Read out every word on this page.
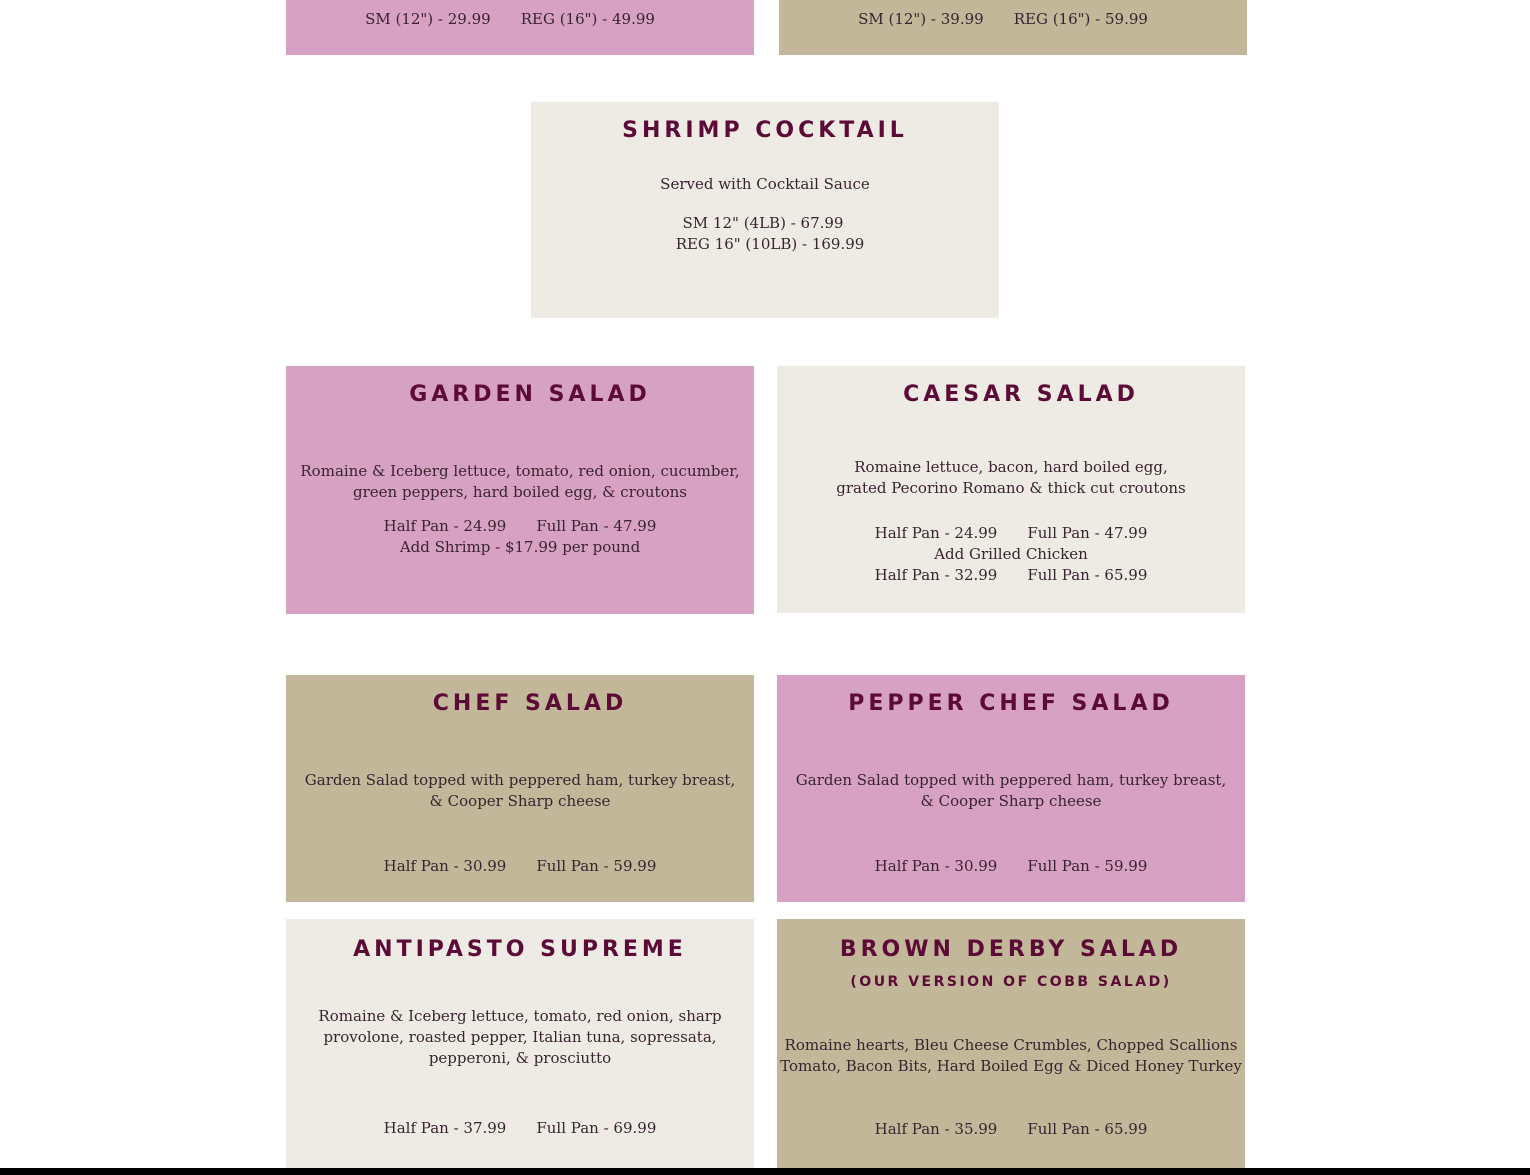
SM (12") - 29.99 REG (16") - 49.99	SM (12") - 39.99 REG (16") - 59.99
SHRIMP COCKTAIL
Served with Cocktail Sauce
SM 12" (4LB) - 67.99
REG 16" (10LB) - 169.99
GARDEN SALAD
Romaine & Iceberg lettuce, tomato, red onion, cucumber,
green peppers, hard boiled egg, & croutons
Half Pan - 24.99 Full Pan - 47.99
Add Shrimp - $17.99 per pound
CAESAR SALAD
Romaine lettuce, bacon, hard boiled egg,
grated Pecorino Romano & thick cut croutons
Half Pan - 24.99 Full Pan - 47.99
Add Grilled Chicken
Half Pan - 32.99 Full Pan - 65.99
CHEF SALAD
Garden Salad topped with peppered ham, turkey breast,
& Cooper Sharp cheese
Half Pan - 30.99 Full Pan - 59.99
PEPPER CHEF SALAD
Garden Salad topped with peppered ham, turkey breast,
& Cooper Sharp cheese
Half Pan - 30.99 Full Pan - 59.99
ANTIPASTO SUPREME
Romaine & Iceberg lettuce, tomato, red onion, sharp
provolone, roasted pepper, Italian tuna, sopressata,
pepperoni, & prosciutto
Half Pan - 37.99 Full Pan - 69.99
BROWN DERBY SALAD
(OUR VERSION OF COBB SALAD)
Romaine hearts, Bleu Cheese Crumbles, Chopped Scallions
Tomato, Bacon Bits, Hard Boiled Egg & Diced Honey Turkey
Half Pan - 35.99 Full Pan - 65.99
